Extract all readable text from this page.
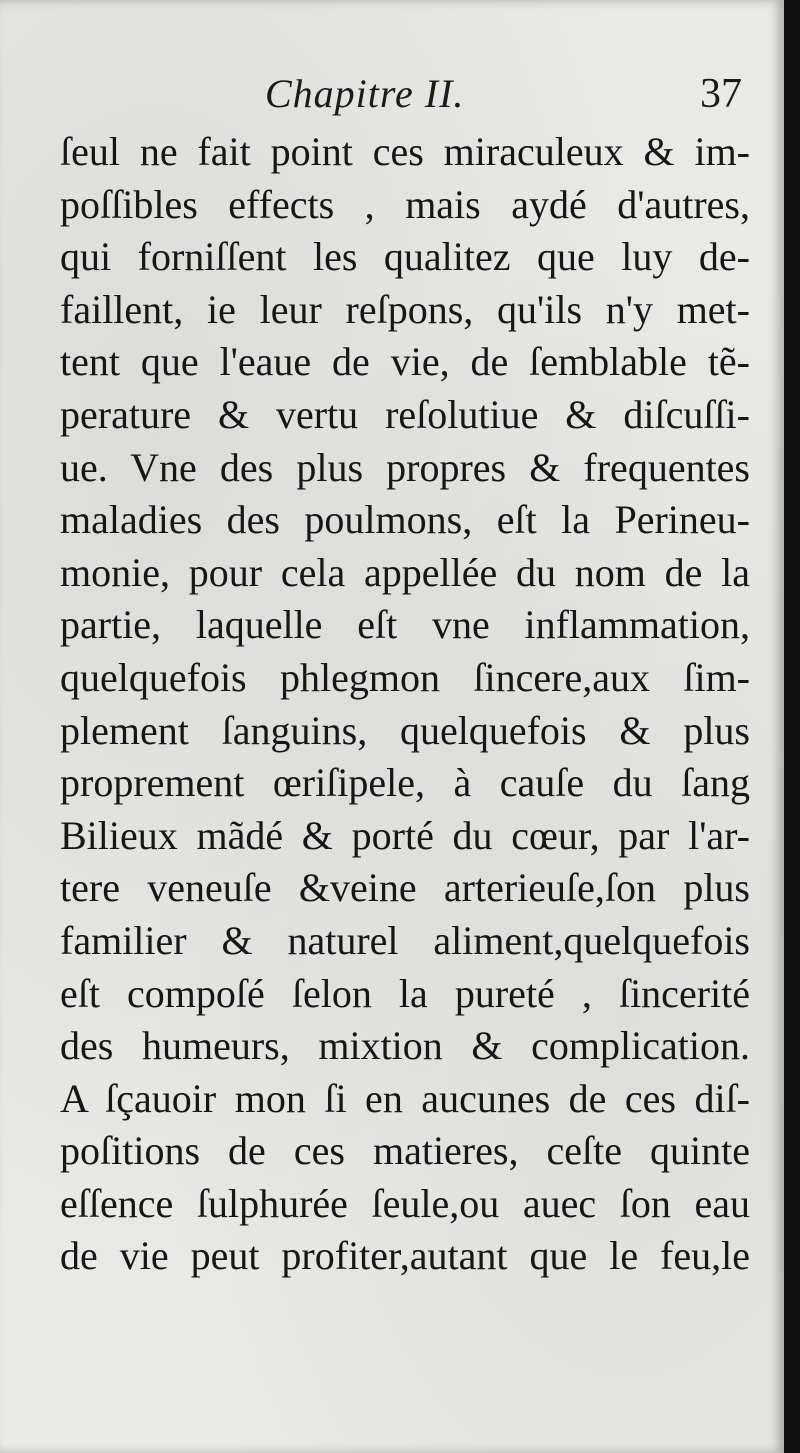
Chapitre II.	37
ſeul ne fait point ces miraculeux & im-
poſſibles effects , mais aydé d'autres,
qui forniſſent les qualitez que luy de-
faillent, ie leur reſpons, qu'ils n'y met-
tent que l'eaue de vie, de ſemblable tẽ-
perature & vertu reſolutiue & diſcuſſi-
ue. Vne des plus propres & frequentes
maladies des poulmons, eſt la Perineu-
monie, pour cela appellée du nom de la
partie, laquelle eſt vne inflammation,
quelquefois phlegmon ſincere,aux ſim-
plement ſanguins, quelquefois & plus
proprement œriſipele, à cauſe du ſang
Bilieux mãdé & porté du cœur, par l'ar-
tere veneuſe &veine arterieuſe,ſon plus
familier & naturel aliment,quelquefois
eſt compoſé ſelon la pureté , ſincerité
des humeurs, mixtion & complication.
A ſçauoir mon ſi en aucunes de ces diſ-
poſitions de ces matieres, ceſte quinte
eſſence ſulphurée ſeule,ou auec ſon eau
de vie peut profiter,autant que le feu,le
